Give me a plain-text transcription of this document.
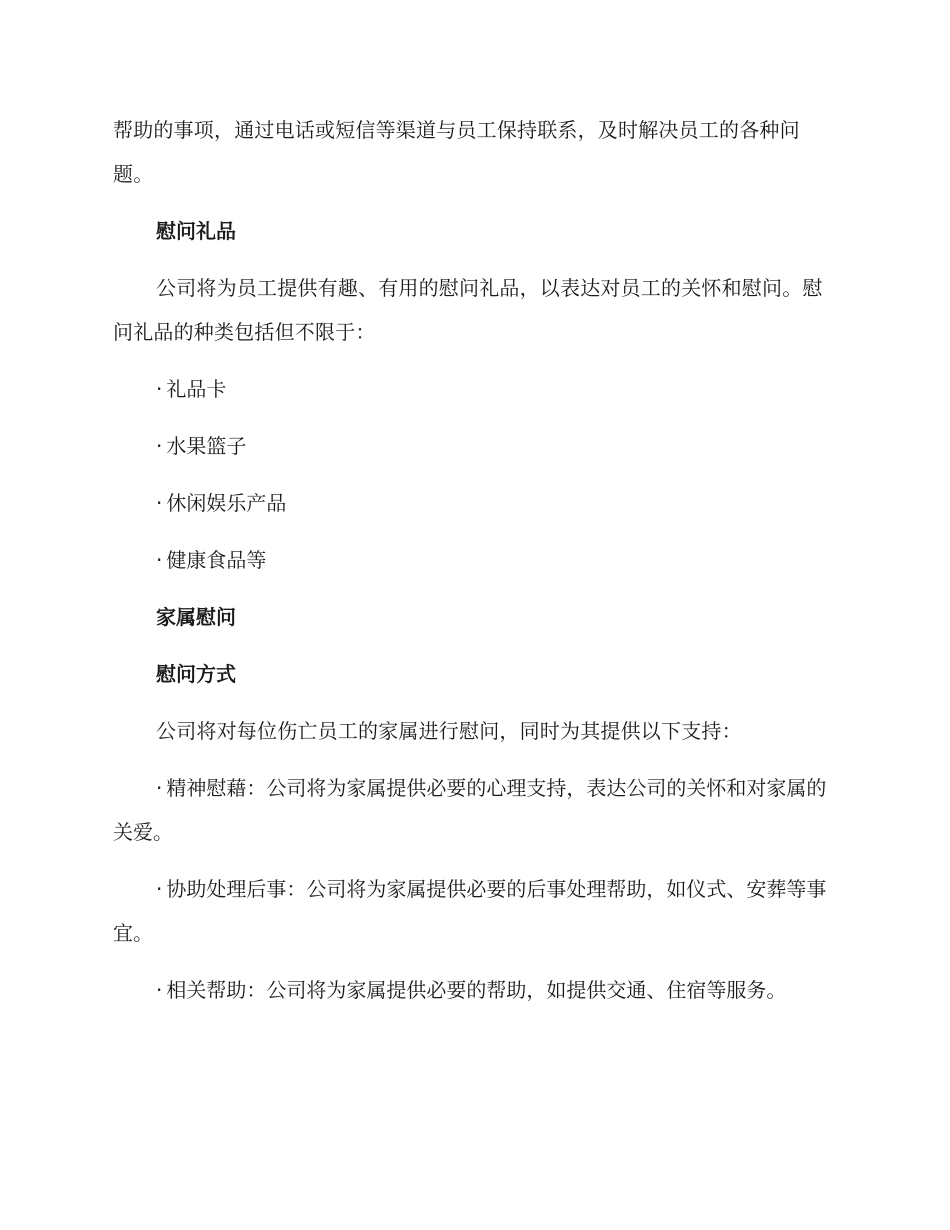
帮助的事项，通过电话或短信等渠道与员工保持联系，及时解决员工的各种问题。

慰问礼品

公司将为员工提供有趣、有用的慰问礼品，以表达对员工的关怀和慰问。慰问礼品的种类包括但不限于：

· 礼品卡

· 水果篮子

· 休闲娱乐产品

· 健康食品等

家属慰问

慰问方式

公司将对每位伤亡员工的家属进行慰问，同时为其提供以下支持：

· 精神慰藉：公司将为家属提供必要的心理支持，表达公司的关怀和对家属的关爱。

· 协助处理后事：公司将为家属提供必要的后事处理帮助，如仪式、安葬等事宜。

· 相关帮助：公司将为家属提供必要的帮助，如提供交通、住宿等服务。
